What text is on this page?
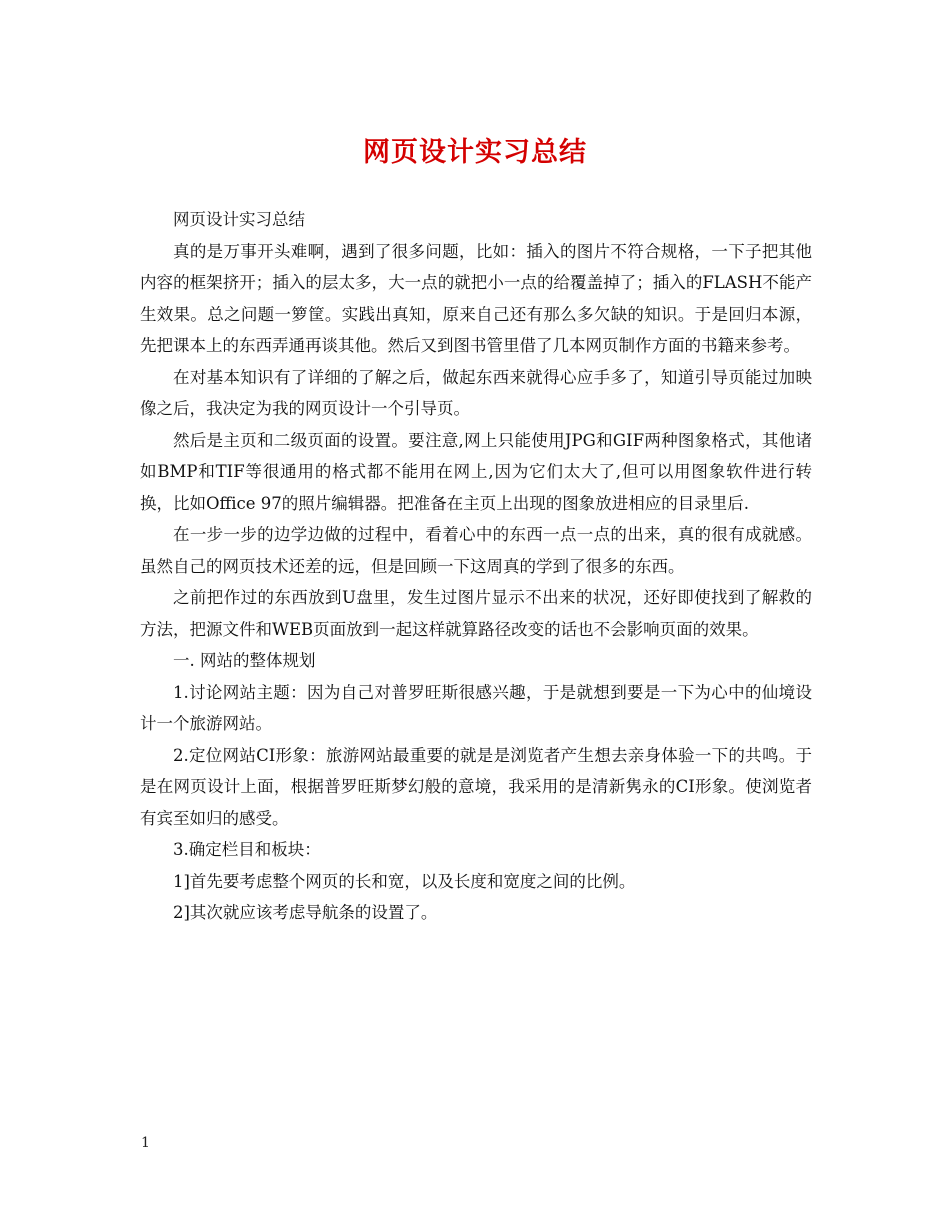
网页设计实习总结

网页设计实习总结

真的是万事开头难啊，遇到了很多问题，比如：插入的图片不符合规格，一下子把其他内容的框架挤开；插入的层太多，大一点的就把小一点的给覆盖掉了；插入的FLASH不能产生效果。总之问题一箩筐。实践出真知，原来自己还有那么多欠缺的知识。于是回归本源，先把课本上的东西弄通再谈其他。然后又到图书管里借了几本网页制作方面的书籍来参考。

在对基本知识有了详细的了解之后，做起东西来就得心应手多了，知道引导页能过加映像之后，我决定为我的网页设计一个引导页。

然后是主页和二级页面的设置。要注意,网上只能使用JPG和GIF两种图象格式，其他诸如BMP和TIF等很通用的格式都不能用在网上,因为它们太大了,但可以用图象软件进行转换，比如Office 97的照片编辑器。把准备在主页上出现的图象放进相应的目录里后.

在一步一步的边学边做的过程中，看着心中的东西一点一点的出来，真的很有成就感。虽然自己的网页技术还差的远，但是回顾一下这周真的学到了很多的东西。

之前把作过的东西放到U盘里，发生过图片显示不出来的状况，还好即使找到了解救的方法，把源文件和WEB页面放到一起这样就算路径改变的话也不会影响页面的效果。

一. 网站的整体规划

1.讨论网站主题：因为自己对普罗旺斯很感兴趣，于是就想到要是一下为心中的仙境设计一个旅游网站。

2.定位网站CI形象：旅游网站最重要的就是是浏览者产生想去亲身体验一下的共鸣。于是在网页设计上面，根据普罗旺斯梦幻般的意境，我采用的是清新隽永的CI形象。使浏览者有宾至如归的感受。

3.确定栏目和板块：

1]首先要考虑整个网页的长和宽，以及长度和宽度之间的比例。

2]其次就应该考虑导航条的设置了。

1
